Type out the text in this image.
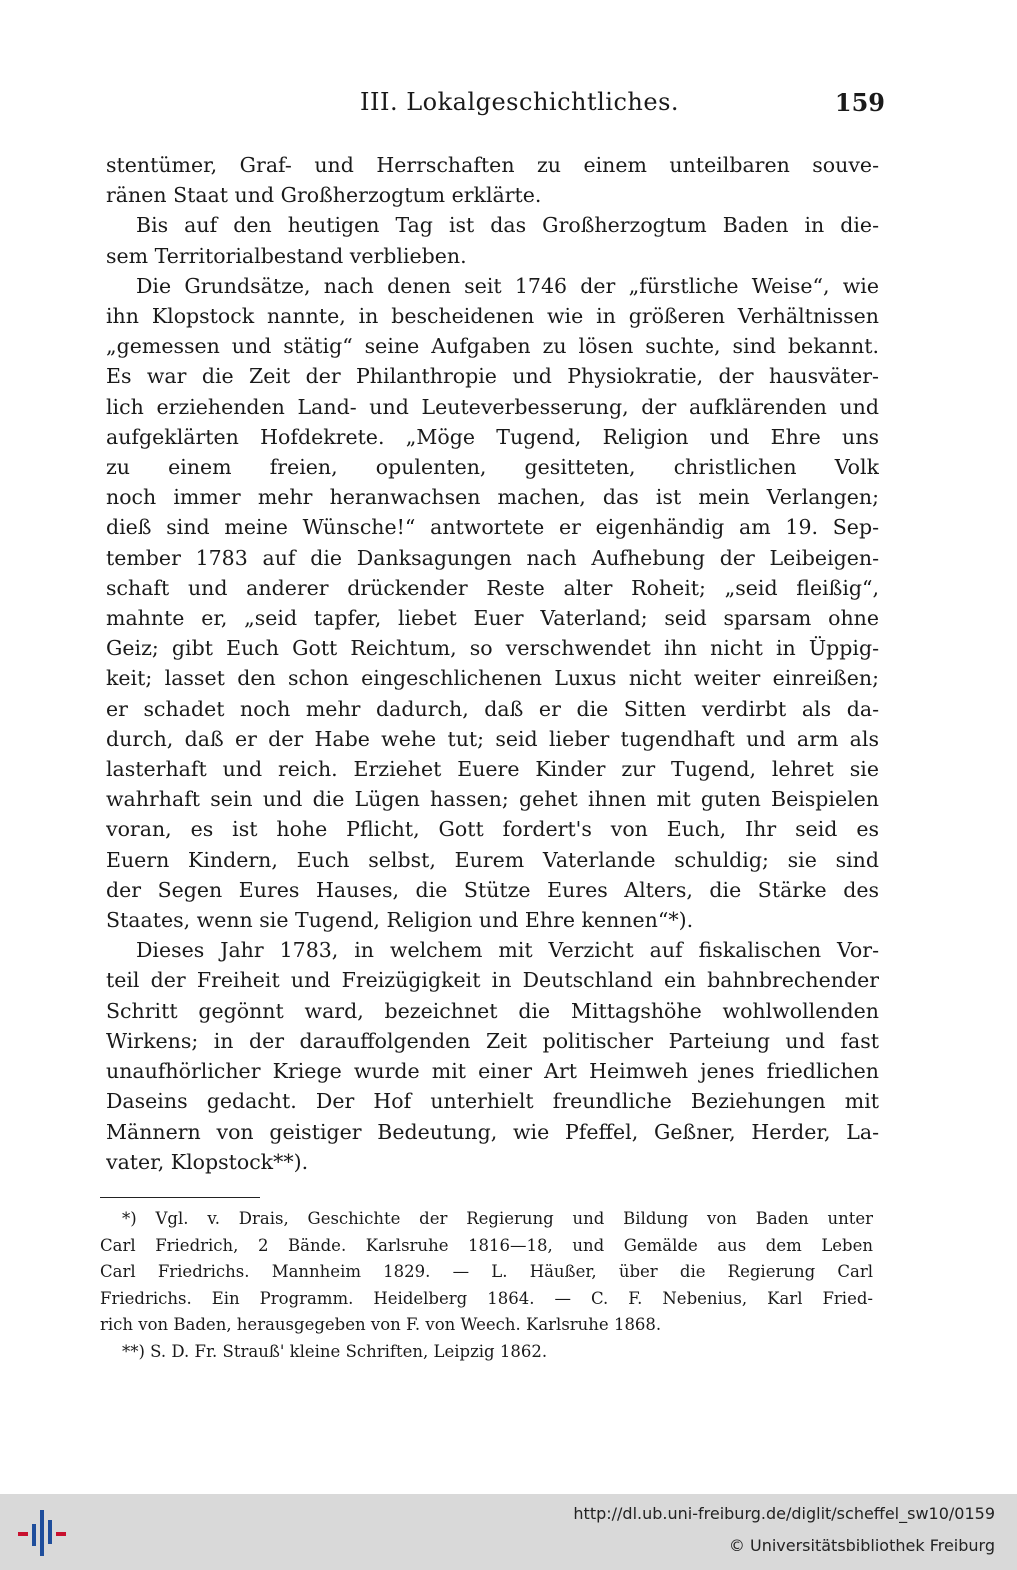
III. Lokalgeschichtliches.	159
stentümer, Graf- und Herrschaften zu einem unteilbaren souve-
ränen Staat und Großherzogtum erklärte.
Bis auf den heutigen Tag ist das Großherzogtum Baden in die-
sem Territorialbestand verblieben.
Die Grundsätze, nach denen seit 1746 der „fürstliche Weise“, wie
ihn Klopstock nannte, in bescheidenen wie in größeren Verhältnissen
„gemessen und stätig“ seine Aufgaben zu lösen suchte, sind bekannt.
Es war die Zeit der Philanthropie und Physiokratie, der hausväter-
lich erziehenden Land- und Leuteverbesserung, der aufklärenden und
aufgeklärten Hofdekrete. „Möge Tugend, Religion und Ehre uns
zu einem freien, opulenten, gesitteten, christlichen Volk
noch immer mehr heranwachsen machen, das ist mein Verlangen;
dieß sind meine Wünsche!“ antwortete er eigenhändig am 19. Sep-
tember 1783 auf die Danksagungen nach Aufhebung der Leibeigen-
schaft und anderer drückender Reste alter Roheit; „seid fleißig“,
mahnte er, „seid tapfer, liebet Euer Vaterland; seid sparsam ohne
Geiz; gibt Euch Gott Reichtum, so verschwendet ihn nicht in Üppig-
keit; lasset den schon eingeschlichenen Luxus nicht weiter einreißen;
er schadet noch mehr dadurch, daß er die Sitten verdirbt als da-
durch, daß er der Habe wehe tut; seid lieber tugendhaft und arm als
lasterhaft und reich. Erziehet Euere Kinder zur Tugend, lehret sie
wahrhaft sein und die Lügen hassen; gehet ihnen mit guten Beispielen
voran, es ist hohe Pflicht, Gott fordert's von Euch, Ihr seid es
Euern Kindern, Euch selbst, Eurem Vaterlande schuldig; sie sind
der Segen Eures Hauses, die Stütze Eures Alters, die Stärke des
Staates, wenn sie Tugend, Religion und Ehre kennen“*).
Dieses Jahr 1783, in welchem mit Verzicht auf fiskalischen Vor-
teil der Freiheit und Freizügigkeit in Deutschland ein bahnbrechender
Schritt gegönnt ward, bezeichnet die Mittagshöhe wohlwollenden
Wirkens; in der darauffolgenden Zeit politischer Parteiung und fast
unaufhörlicher Kriege wurde mit einer Art Heimweh jenes friedlichen
Daseins gedacht. Der Hof unterhielt freundliche Beziehungen mit
Männern von geistiger Bedeutung, wie Pfeffel, Geßner, Herder, La-
vater, Klopstock**).
*) Vgl. v. Drais, Geschichte der Regierung und Bildung von Baden unter
Carl Friedrich, 2 Bände. Karlsruhe 1816—18, und Gemälde aus dem Leben
Carl Friedrichs. Mannheim 1829. — L. Häußer, über die Regierung Carl
Friedrichs. Ein Programm. Heidelberg 1864. — C. F. Nebenius, Karl Fried-
rich von Baden, herausgegeben von F. von Weech. Karlsruhe 1868.
**) S. D. Fr. Strauß' kleine Schriften, Leipzig 1862.
http://dl.ub.uni-freiburg.de/diglit/scheffel_sw10/0159
© Universitätsbibliothek Freiburg
